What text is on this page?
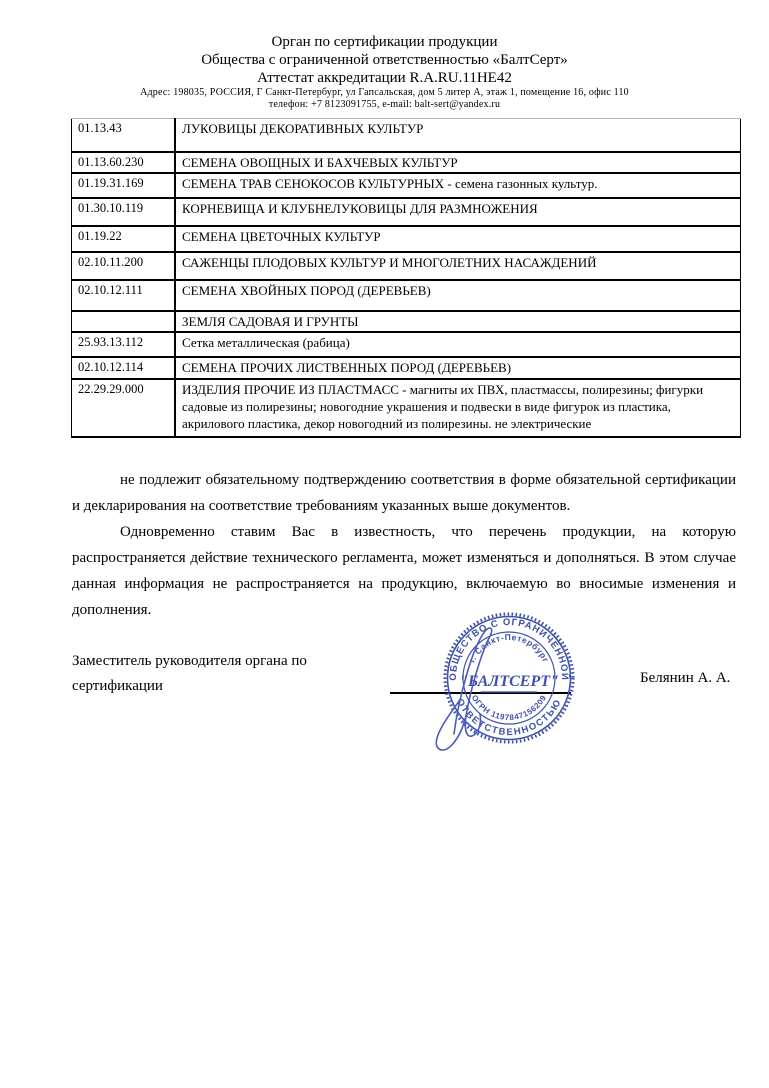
Орган по сертификации продукции
Общества с ограниченной ответственностью «БалтСерт»
Аттестат аккредитации R.A.RU.11HE42
Адрес: 198035, РОССИЯ, Г Санкт-Петербург, ул Гапсальская, дом 5 литер А, этаж 1, помещение 16, офис 110
телефон: +7 8123091755, e-mail: balt-sert@yandex.ru
01.13.43	ЛУКОВИЦЫ ДЕКОРАТИВНЫХ КУЛЬТУР
01.13.60.230	СЕМЕНА ОВОЩНЫХ И БАХЧЕВЫХ КУЛЬТУР
01.19.31.169	СЕМЕНА ТРАВ СЕНОКОСОВ КУЛЬТУРНЫХ - семена газонных культур.
01.30.10.119	КОРНЕВИЩА И КЛУБНЕЛУКОВИЦЫ ДЛЯ РАЗМНОЖЕНИЯ
01.19.22	СЕМЕНА ЦВЕТОЧНЫХ КУЛЬТУР
02.10.11.200	САЖЕНЦЫ ПЛОДОВЫХ КУЛЬТУР И МНОГОЛЕТНИХ НАСАЖДЕНИЙ
02.10.12.111	СЕМЕНА ХВОЙНЫХ ПОРОД (ДЕРЕВЬЕВ)
	ЗЕМЛЯ САДОВАЯ И ГРУНТЫ
25.93.13.112	Сетка металлическая (рабица)
02.10.12.114	СЕМЕНА ПРОЧИХ ЛИСТВЕННЫХ ПОРОД (ДЕРЕВЬЕВ)
22.29.29.000	ИЗДЕЛИЯ ПРОЧИЕ ИЗ ПЛАСТМАСС - магниты их ПВХ, пластмассы, полирезины; фигурки садовые из полирезины; новогодние украшения и подвески в виде фигурок из пластика, акрилового пластика, декор новогодний из полирезины. не электрические

не подлежит обязательному подтверждению соответствия в форме обязательной сертификации и декларирования на соответствие требованиям указанных выше документов.

Одновременно ставим Вас в известность, что перечень продукции, на которую распространяется действие технического регламента, может изменяться и дополняться. В этом случае данная информация не распространяется на продукцию, включаемую во вносимые изменения и дополнения.

Заместитель руководителя органа по сертификации
ОБЩЕСТВО С ОГРАНИЧЕННОЙ
ОТВЕТСТВЕННОСТЬЮ
г. Санкт-Петербург
ОГРН 1197847156209
"БАЛТСЕРТ"	Белянин А. А.
